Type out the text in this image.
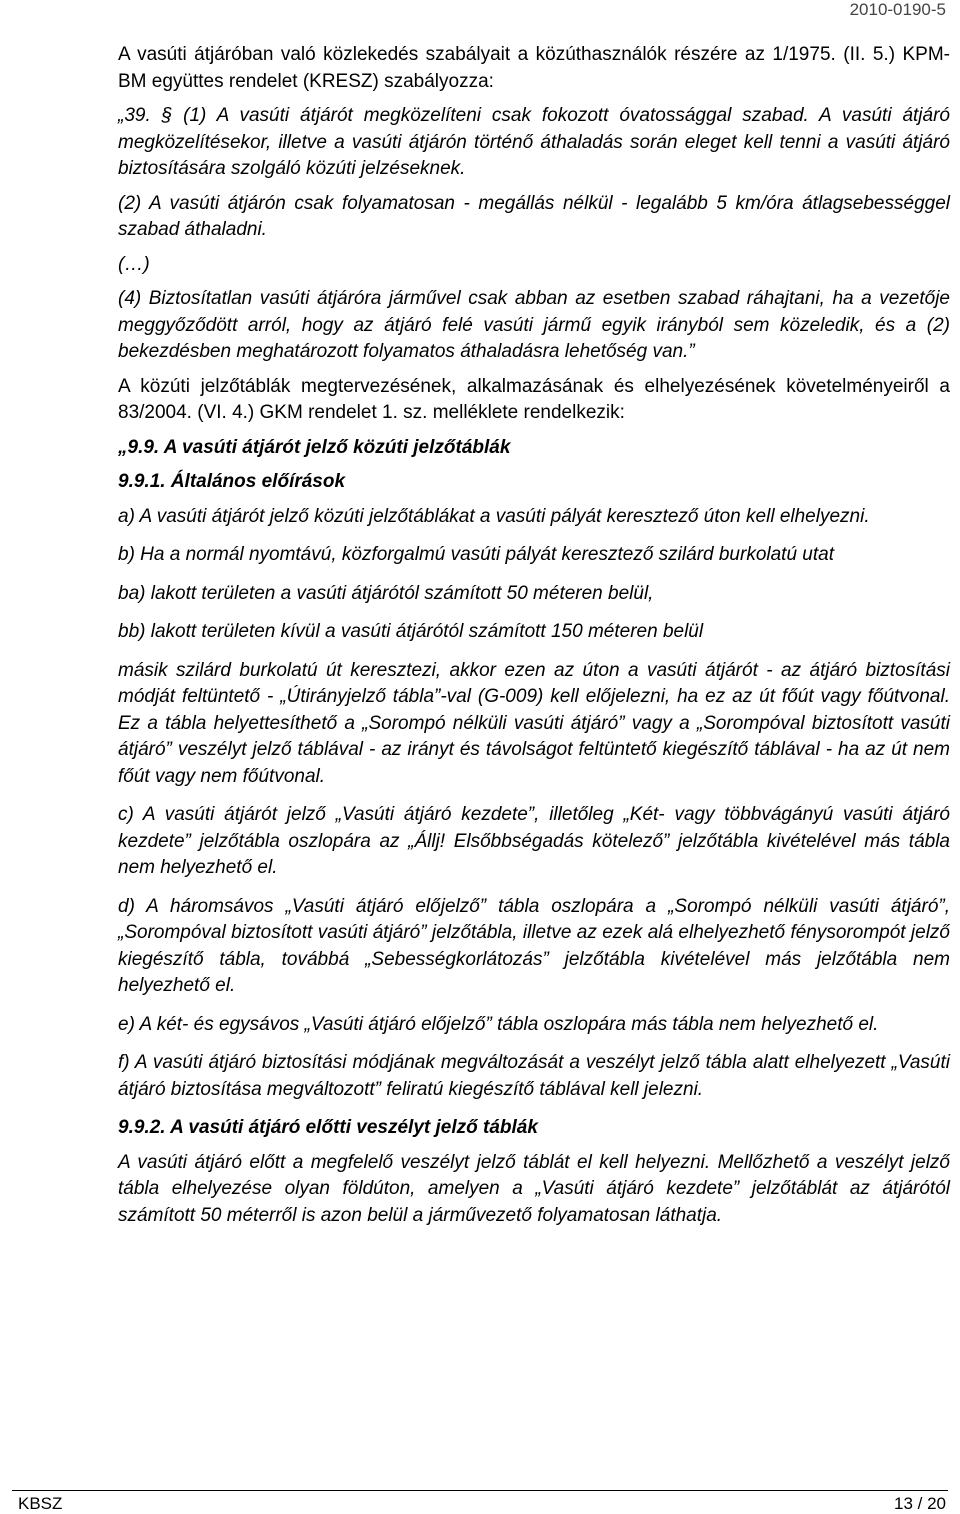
2010-0190-5

A vasúti átjáróban való közlekedés szabályait a közúthasználók részére az 1/1975. (II. 5.) KPM-BM együttes rendelet (KRESZ) szabályozza:

„39. § (1) A vasúti átjárót megközelíteni csak fokozott óvatossággal szabad. A vasúti átjáró megközelítésekor, illetve a vasúti átjárón történő áthaladás során eleget kell tenni a vasúti átjáró biztosítására szolgáló közúti jelzéseknek.

(2) A vasúti átjárón csak folyamatosan - megállás nélkül - legalább 5 km/óra átlagsebességgel szabad áthaladni.

(…)

(4) Biztosítatlan vasúti átjáróra járművel csak abban az esetben szabad ráhajtani, ha a vezetője meggyőződött arról, hogy az átjáró felé vasúti jármű egyik irányból sem közeledik, és a (2) bekezdésben meghatározott folyamatos áthaladásra lehetőség van.”

A közúti jelzőtáblák megtervezésének, alkalmazásának és elhelyezésének követelményeiről a 83/2004. (VI. 4.) GKM rendelet 1. sz. melléklete rendelkezik:

„9.9. A vasúti átjárót jelző közúti jelzőtáblák

9.9.1. Általános előírások

a) A vasúti átjárót jelző közúti jelzőtáblákat a vasúti pályát keresztező úton kell elhelyezni.

b) Ha a normál nyomtávú, közforgalmú vasúti pályát keresztező szilárd burkolatú utat

ba) lakott területen a vasúti átjárótól számított 50 méteren belül,

bb) lakott területen kívül a vasúti átjárótól számított 150 méteren belül

másik szilárd burkolatú út keresztezi, akkor ezen az úton a vasúti átjárót - az átjáró biztosítási módját feltüntető - „Útirányjelző tábla”-val (G-009) kell előjelezni, ha ez az út főút vagy főútvonal. Ez a tábla helyettesíthető a „Sorompó nélküli vasúti átjáró” vagy a „Sorompóval biztosított vasúti átjáró” veszélyt jelző táblával - az irányt és távolságot feltüntető kiegészítő táblával - ha az út nem főút vagy nem főútvonal.

c) A vasúti átjárót jelző „Vasúti átjáró kezdete”, illetőleg „Két- vagy többvágányú vasúti átjáró kezdete” jelzőtábla oszlopára az „Állj! Elsőbbségadás kötelező” jelzőtábla kivételével más tábla nem helyezhető el.

d) A háromsávos „Vasúti átjáró előjelző” tábla oszlopára a „Sorompó nélküli vasúti átjáró”, „Sorompóval biztosított vasúti átjáró” jelzőtábla, illetve az ezek alá elhelyezhető fénysorompót jelző kiegészítő tábla, továbbá „Sebességkorlátozás” jelzőtábla kivételével más jelzőtábla nem helyezhető el.

e) A két- és egysávos „Vasúti átjáró előjelző” tábla oszlopára más tábla nem helyezhető el.

f) A vasúti átjáró biztosítási módjának megváltozását a veszélyt jelző tábla alatt elhelyezett „Vasúti átjáró biztosítása megváltozott” feliratú kiegészítő táblával kell jelezni.

9.9.2. A vasúti átjáró előtti veszélyt jelző táblák

A vasúti átjáró előtt a megfelelő veszélyt jelző táblát el kell helyezni. Mellőzhető a veszélyt jelző tábla elhelyezése olyan földúton, amelyen a „Vasúti átjáró kezdete” jelzőtáblát az átjárótól számított 50 méterről is azon belül a járművezető folyamatosan láthatja.

KBSZ	13 / 20
